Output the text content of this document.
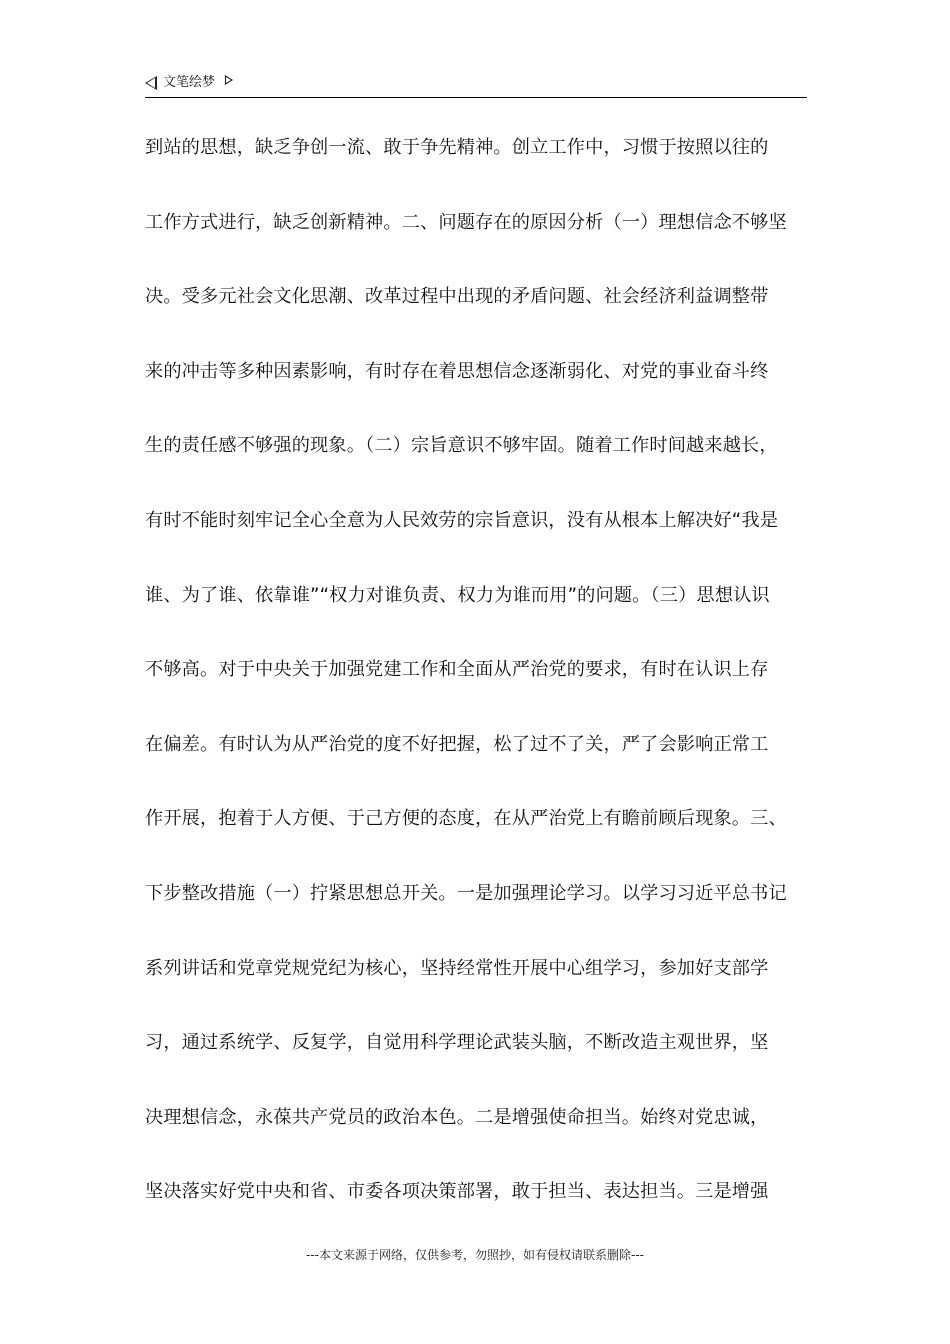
文笔绘梦
到站的思想，缺乏争创一流、敢于争先精神。创立工作中，习惯于按照以往的
工作方式进行，缺乏创新精神。二、问题存在的原因分析（一）理想信念不够坚
决。受多元社会文化思潮、改革过程中出现的矛盾问题、社会经济利益调整带
来的冲击等多种因素影响，有时存在着思想信念逐渐弱化、对党的事业奋斗终
生的责任感不够强的现象。（二）宗旨意识不够牢固。随着工作时间越来越长，
有时不能时刻牢记全心全意为人民效劳的宗旨意识，没有从根本上解决好“我是
谁、为了谁、依靠谁”“权力对谁负责、权力为谁而用”的问题。（三）思想认识
不够高。对于中央关于加强党建工作和全面从严治党的要求，有时在认识上存
在偏差。有时认为从严治党的度不好把握，松了过不了关，严了会影响正常工
作开展，抱着于人方便、于己方便的态度，在从严治党上有瞻前顾后现象。三、
下步整改措施（一）拧紧思想总开关。一是加强理论学习。以学习习近平总书记
系列讲话和党章党规党纪为核心，坚持经常性开展中心组学习，参加好支部学
习，通过系统学、反复学，自觉用科学理论武装头脑，不断改造主观世界，坚
决理想信念，永葆共产党员的政治本色。二是增强使命担当。始终对党忠诚，
坚决落实好党中央和省、市委各项决策部署，敢于担当、表达担当。三是增强
---本文来源于网络，仅供参考，勿照抄，如有侵权请联系删除---
